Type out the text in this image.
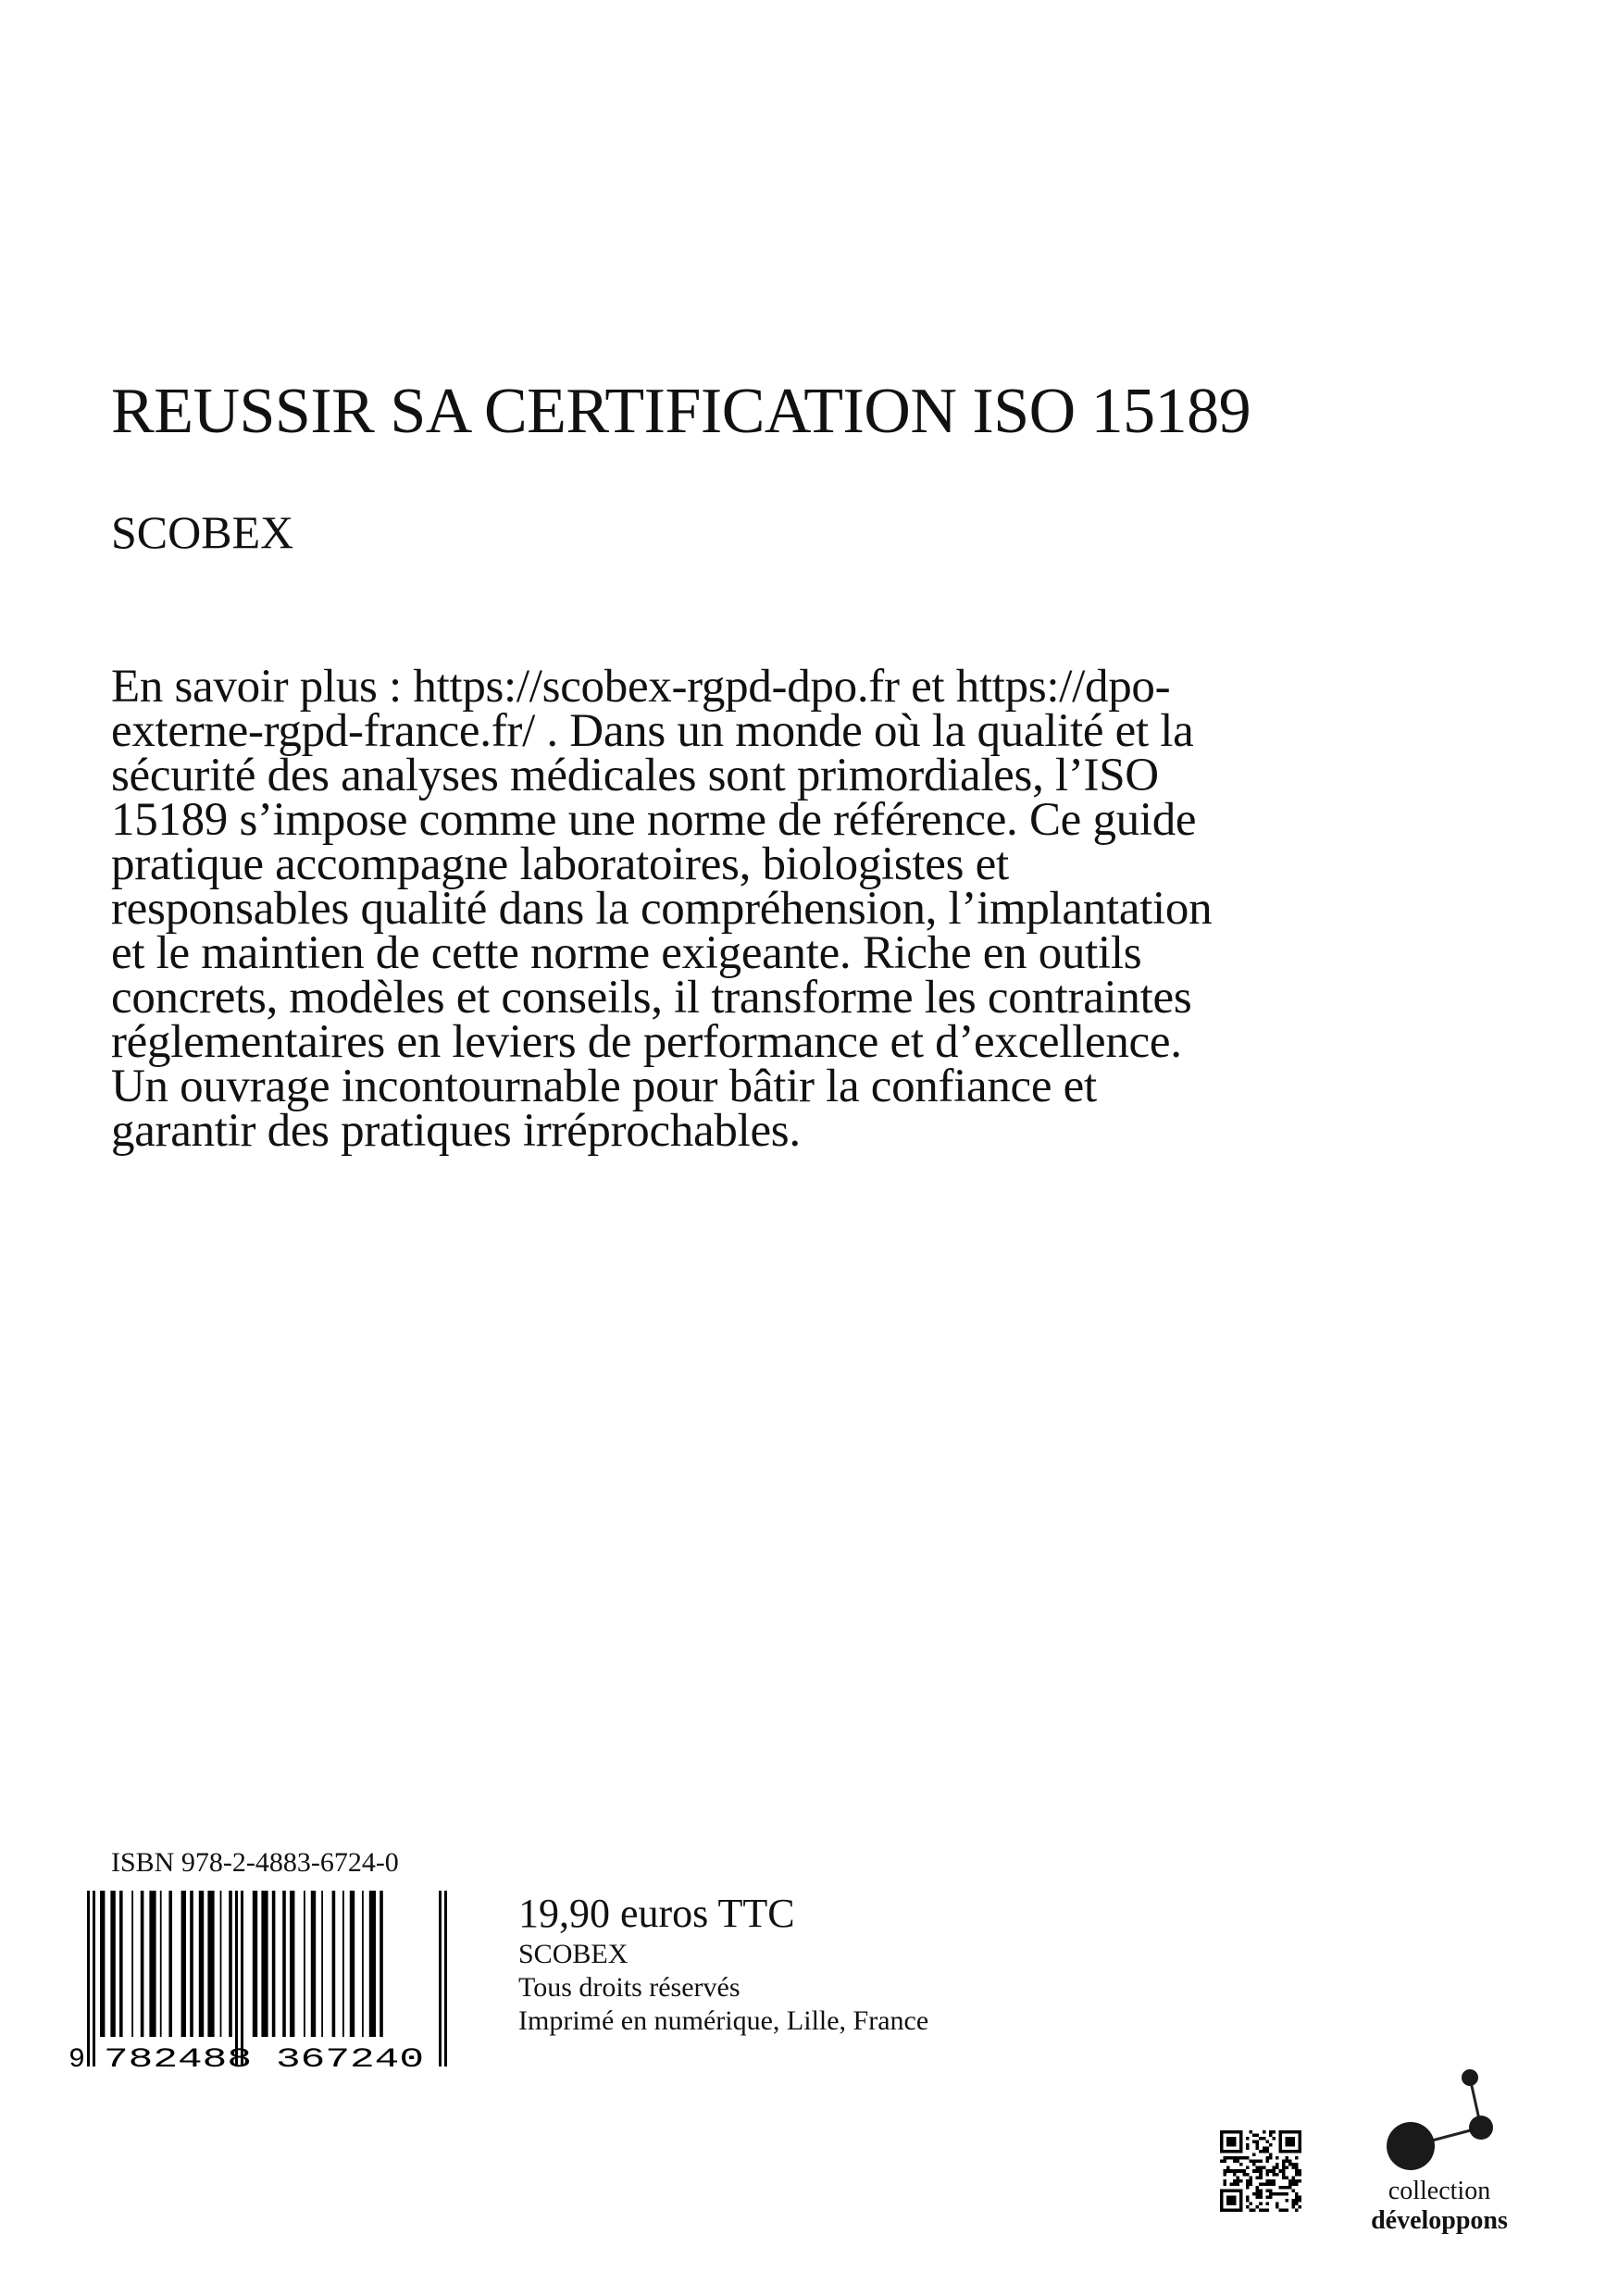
REUSSIR SA CERTIFICATION ISO 15189
SCOBEX

En savoir plus : https://scobex-rgpd-dpo.fr et https://dpo-externe-rgpd-france.fr/ . Dans un monde où la qualité et la sécurité des analyses médicales sont primordiales, l’ISO 15189 s’impose comme une norme de référence. Ce guide pratique accompagne laboratoires, biologistes et responsables qualité dans la compréhension, l’implantation et le maintien de cette norme exigeante. Riche en outils concrets, modèles et conseils, il transforme les contraintes réglementaires en leviers de performance et d’excellence. Un ouvrage incontournable pour bâtir la confiance et garantir des pratiques irréprochables.

ISBN 978-2-4883-6724-0
9 782488 367240
19,90 euros TTC
SCOBEX
Tous droits réservés
Imprimé en numérique, Lille, France
collection
développons
